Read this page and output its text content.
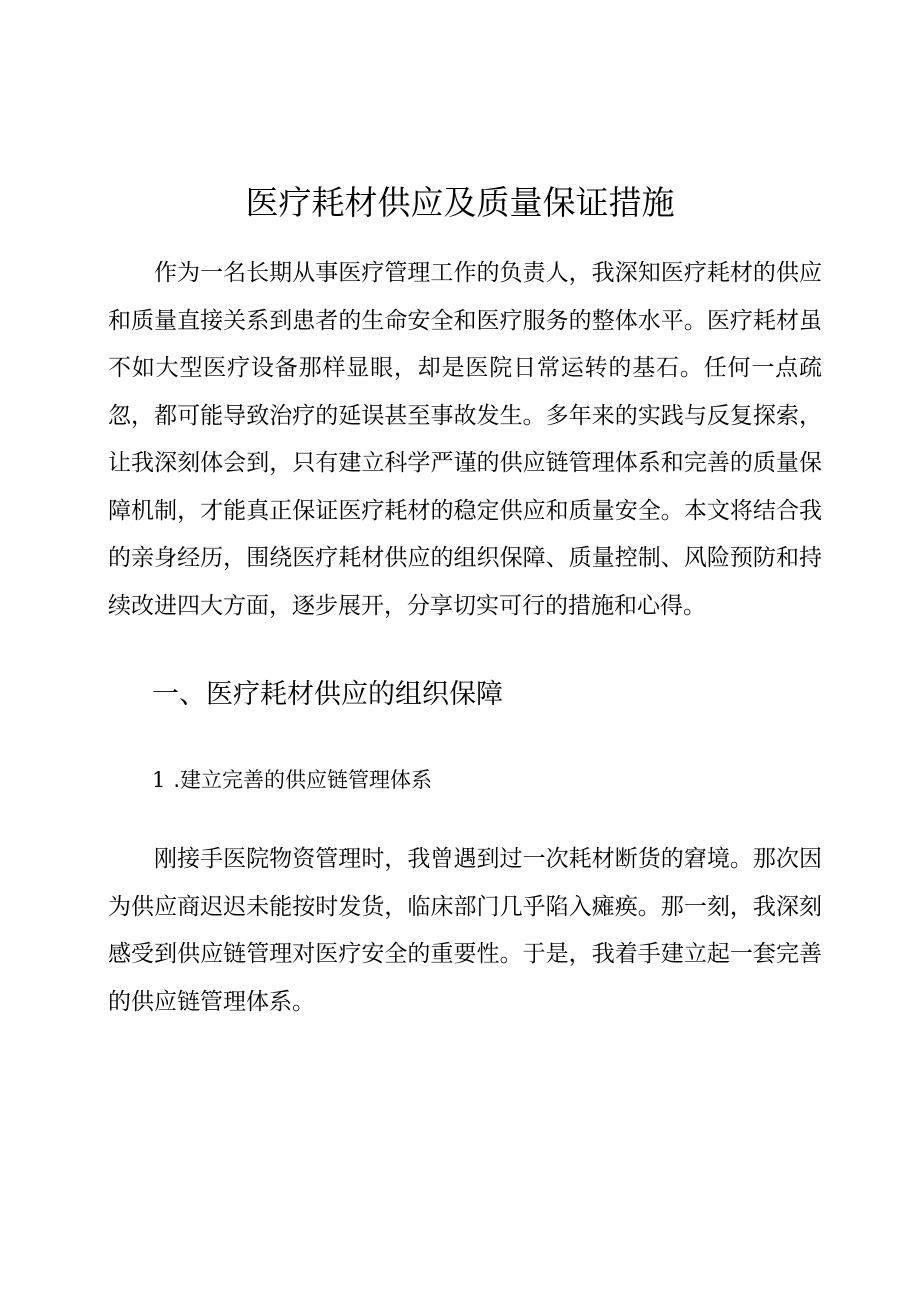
医疗耗材供应及质量保证措施

作为一名长期从事医疗管理工作的负责人，我深知医疗耗材的供应和质量直接关系到患者的生命安全和医疗服务的整体水平。医疗耗材虽不如大型医疗设备那样显眼，却是医院日常运转的基石。任何一点疏忽，都可能导致治疗的延误甚至事故发生。多年来的实践与反复探索，让我深刻体会到，只有建立科学严谨的供应链管理体系和完善的质量保障机制，才能真正保证医疗耗材的稳定供应和质量安全。本文将结合我的亲身经历，围绕医疗耗材供应的组织保障、质量控制、风险预防和持续改进四大方面，逐步展开，分享切实可行的措施和心得。

一、医疗耗材供应的组织保障
1 .建立完善的供应链管理体系

刚接手医院物资管理时，我曾遇到过一次耗材断货的窘境。那次因为供应商迟迟未能按时发货，临床部门几乎陷入瘫痪。那一刻，我深刻感受到供应链管理对医疗安全的重要性。于是，我着手建立起一套完善的供应链管理体系。
